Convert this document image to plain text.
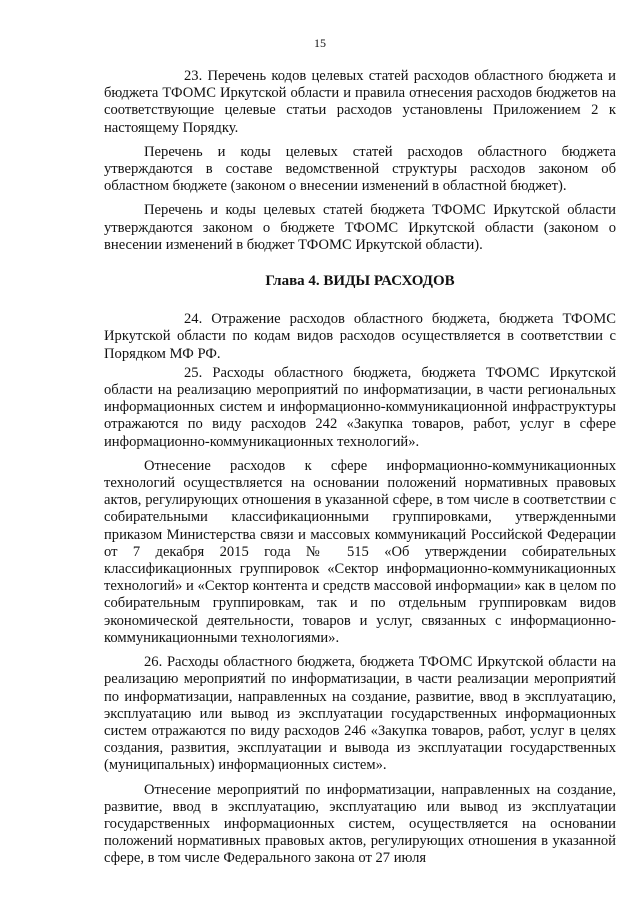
15

23. Перечень кодов целевых статей расходов областного бюджета и бюджета ТФОМС Иркутской области и правила отнесения расходов бюджетов на соответствующие целевые статьи расходов установлены Приложением 2 к настоящему Порядку.

Перечень и коды целевых статей расходов областного бюджета утверждаются в составе ведомственной структуры расходов законом об областном бюджете (законом о внесении изменений в областной бюджет).

Перечень и коды целевых статей бюджета ТФОМС Иркутской области утверждаются законом о бюджете ТФОМС Иркутской области (законом о внесении изменений в бюджет ТФОМС Иркутской области).

Глава 4. ВИДЫ РАСХОДОВ

24. Отражение расходов областного бюджета, бюджета ТФОМС Иркутской области по кодам видов расходов осуществляется в соответствии с Порядком МФ РФ.

25. Расходы областного бюджета, бюджета ТФОМС Иркутской области на реализацию мероприятий по информатизации, в части региональных информационных систем и информационно-коммуникационной инфраструктуры отражаются по виду расходов 242 «Закупка товаров, работ, услуг в сфере информационно-коммуникационных технологий».

Отнесение расходов к сфере информационно-коммуникационных технологий осуществляется на основании положений нормативных правовых актов, регулирующих отношения в указанной сфере, в том числе в соответствии с собирательными классификационными группировками, утвержденными приказом Министерства связи и массовых коммуникаций Российской Федерации от 7 декабря 2015 года № 515 «Об утверждении собирательных классификационных группировок «Сектор информационно-коммуникационных технологий» и «Сектор контента и средств массовой информации» как в целом по собирательным группировкам, так и по отдельным группировкам видов экономической деятельности, товаров и услуг, связанных с информационно-коммуникационными технологиями».

26. Расходы областного бюджета, бюджета ТФОМС Иркутской области на реализацию мероприятий по информатизации, в части реализации мероприятий по информатизации, направленных на создание, развитие, ввод в эксплуатацию, эксплуатацию или вывод из эксплуатации государственных информационных систем отражаются по виду расходов 246 «Закупка товаров, работ, услуг в целях создания, развития, эксплуатации и вывода из эксплуатации государственных (муниципальных) информационных систем».

Отнесение мероприятий по информатизации, направленных на создание, развитие, ввод в эксплуатацию, эксплуатацию или вывод из эксплуатации государственных информационных систем, осуществляется на основании положений нормативных правовых актов, регулирующих отношения в указанной сфере, в том числе Федерального закона от 27 июля
